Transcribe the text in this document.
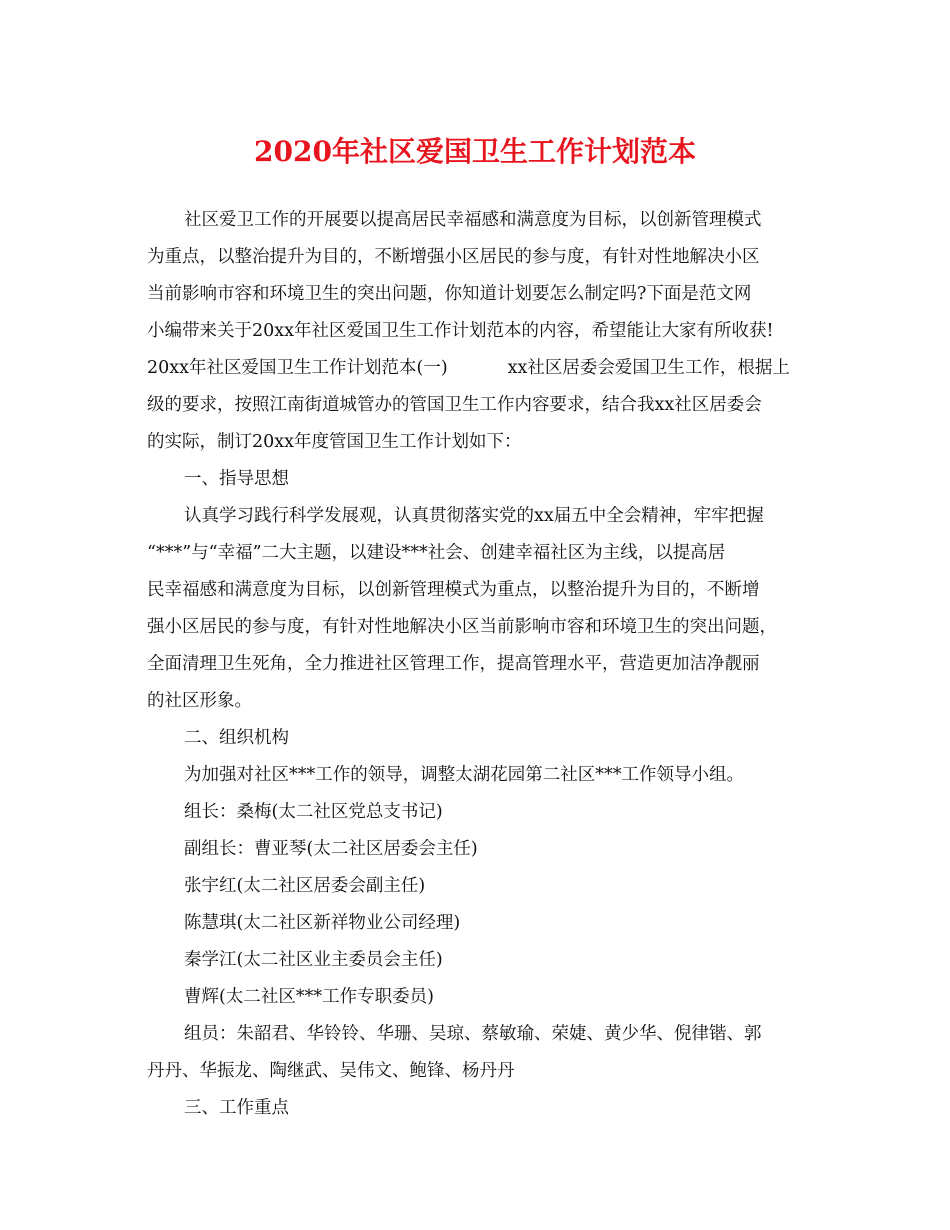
2020年社区爱国卫生工作计划范本
社区爱卫工作的开展要以提高居民幸福感和满意度为目标，以创新管理模式
为重点，以整治提升为目的，不断增强小区居民的参与度，有针对性地解决小区
当前影响市容和环境卫生的突出问题，你知道计划要怎么制定吗?下面是范文网
小编带来关于20xx年社区爱国卫生工作计划范本的内容，希望能让大家有所收获!
20xx年社区爱国卫生工作计划范本(一)	xx社区居委会爱国卫生工作，根据上
级的要求，按照江南街道城管办的管国卫生工作内容要求，结合我xx社区居委会
的实际，制订20xx年度管国卫生工作计划如下：
一、指导思想
认真学习践行科学发展观，认真贯彻落实党的xx届五中全会精神，牢牢把握
“***”与“幸福”二大主题，以建设***社会、创建幸福社区为主线，以提高居
民幸福感和满意度为目标，以创新管理模式为重点，以整治提升为目的，不断增
强小区居民的参与度，有针对性地解决小区当前影响市容和环境卫生的突出问题，
全面清理卫生死角，全力推进社区管理工作，提高管理水平，营造更加洁净靓丽
的社区形象。
二、组织机构
为加强对社区***工作的领导，调整太湖花园第二社区***工作领导小组。
组长：桑梅(太二社区党总支书记)
副组长：曹亚琴(太二社区居委会主任)
张宇红(太二社区居委会副主任)
陈慧琪(太二社区新祥物业公司经理)
秦学江(太二社区业主委员会主任)
曹辉(太二社区***工作专职委员)
组员：朱韶君、华铃铃、华珊、吴琼、蔡敏瑜、荣婕、黄少华、倪律锴、郭
丹丹、华振龙、陶继武、吴伟文、鲍锋、杨丹丹
三、工作重点
